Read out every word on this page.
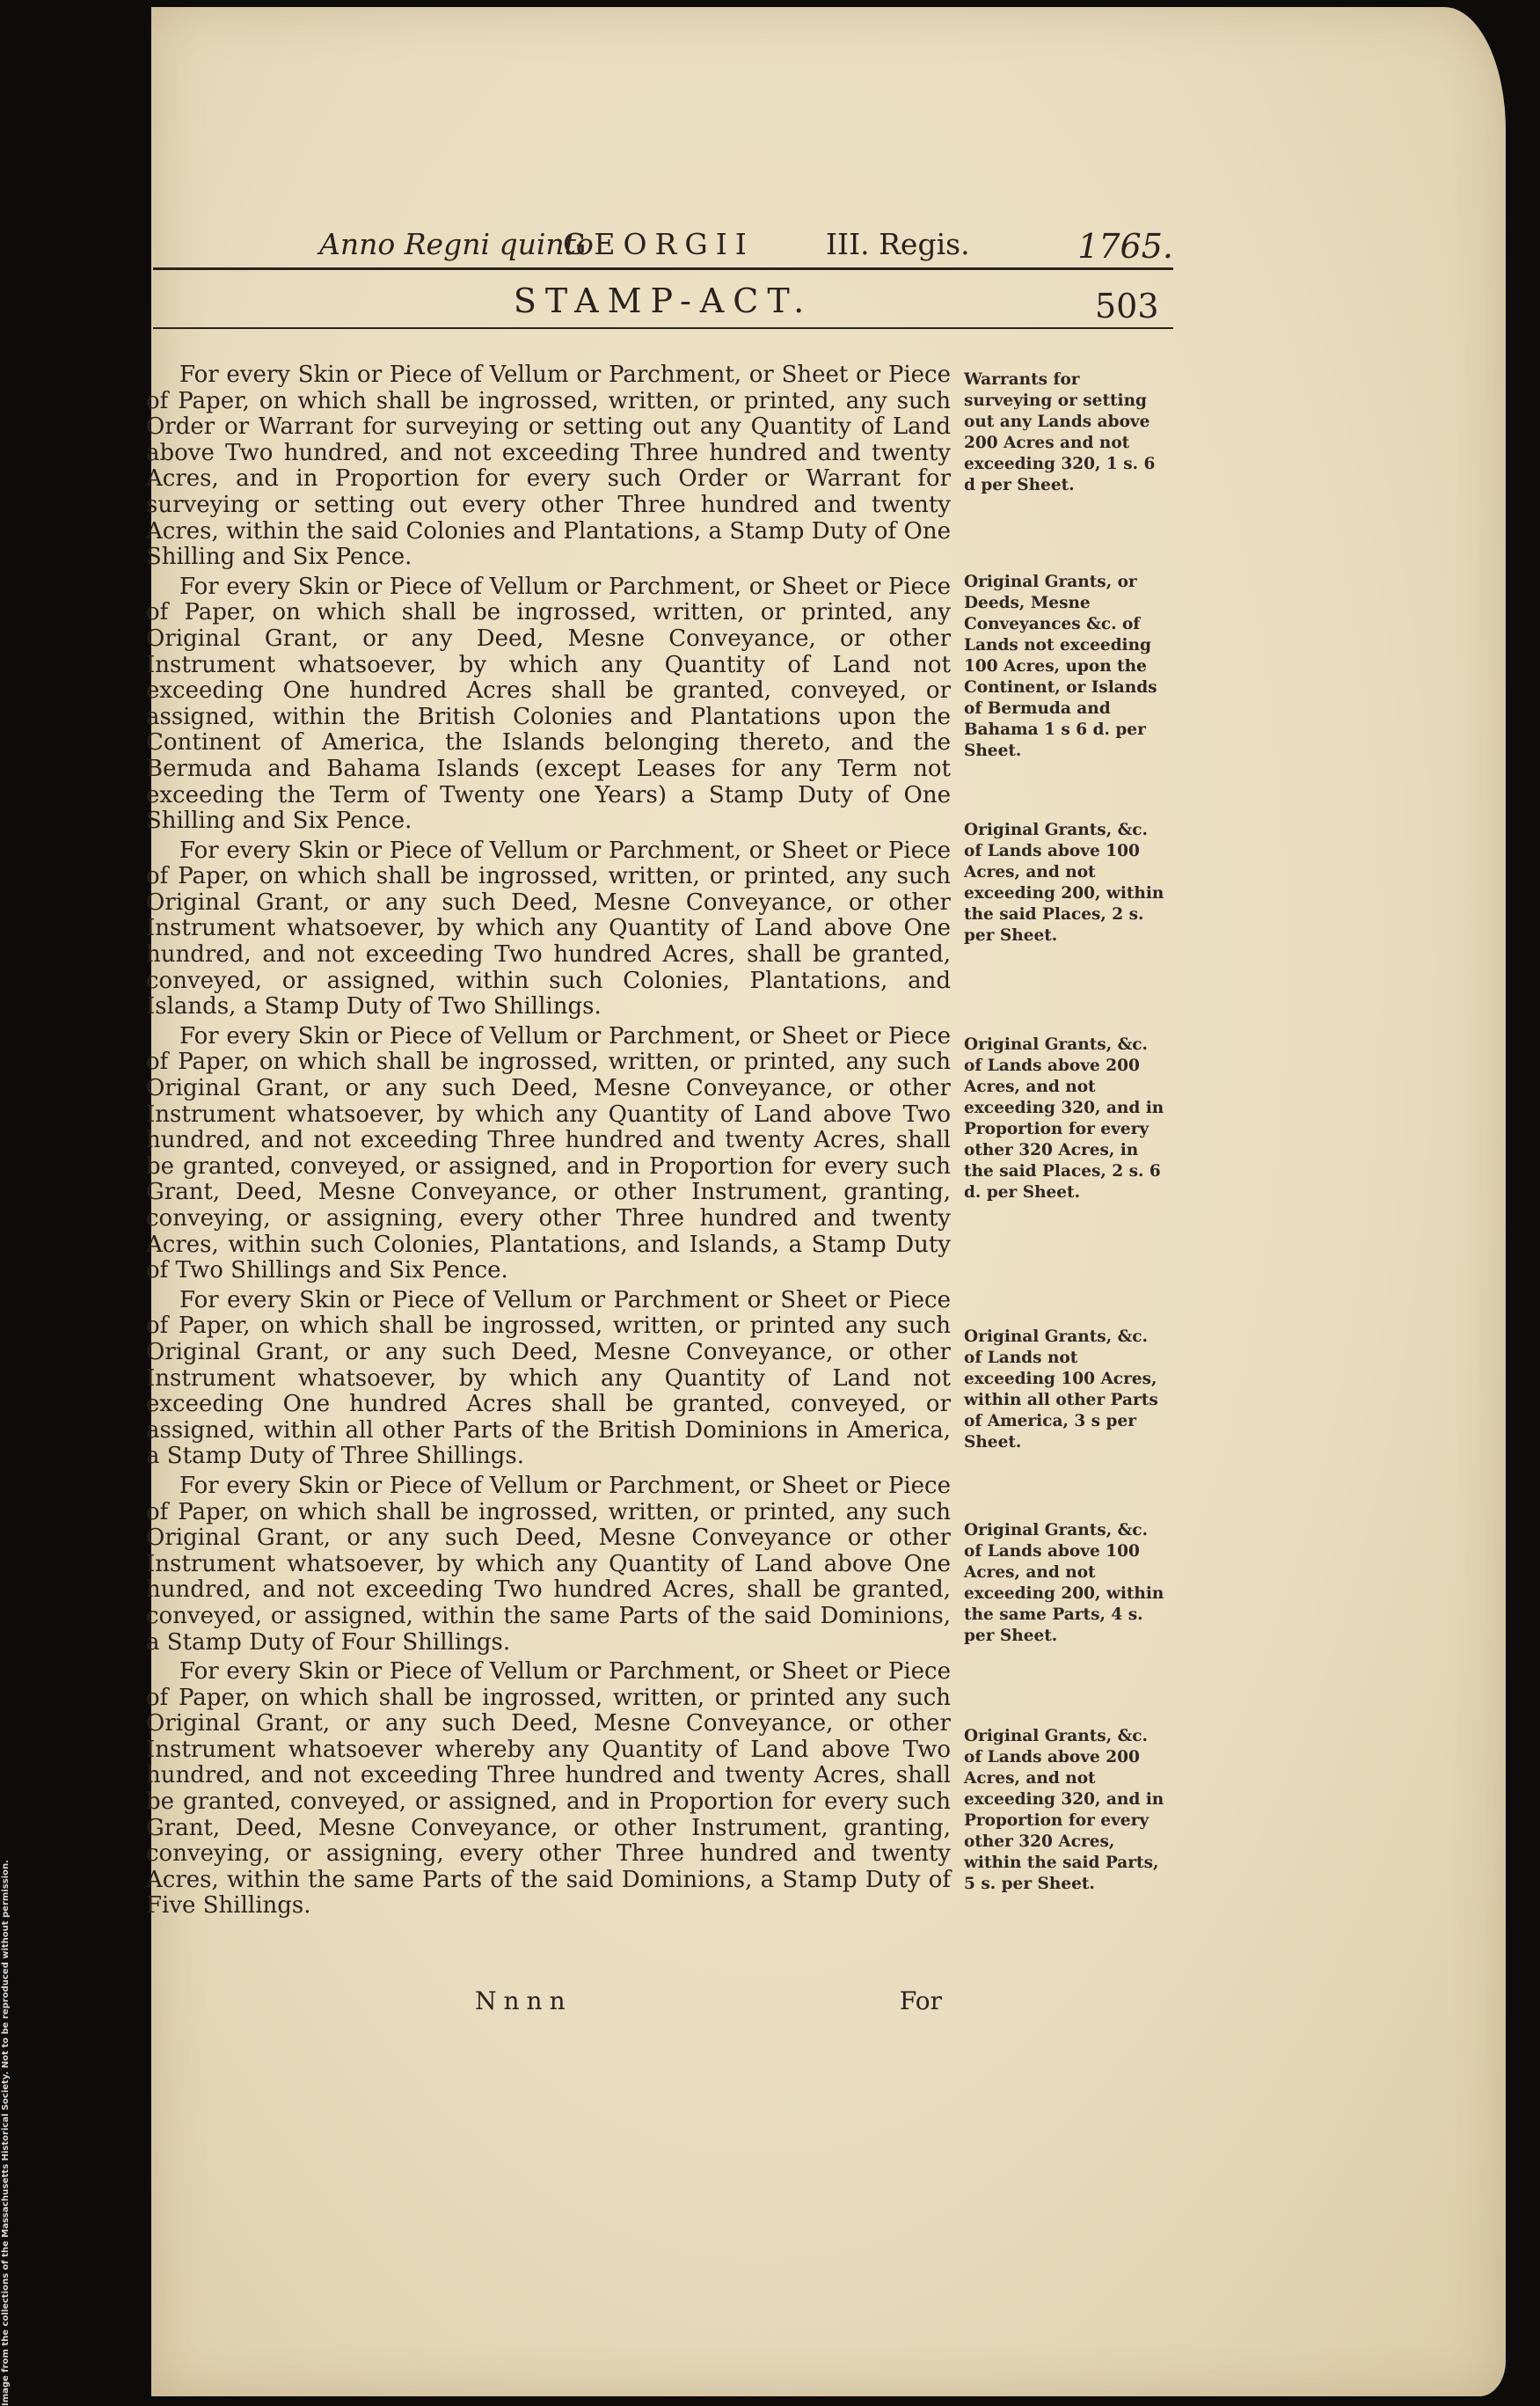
Image from the collections of the Massachusetts Historical Society. Not to be reproduced without permission.
Anno Regni quinto
GEORGII III. Regis.	1765.
STAMP-ACT.	503

For every Skin or Piece of Vellum or Parchment, or Sheet or Piece of Paper, on which shall be ingrossed, written, or printed, any such Order or Warrant for surveying or setting out any Quantity of Land above Two hundred, and not exceeding Three hundred and twenty Acres, and in Proportion for every such Order or Warrant for surveying or setting out every other Three hundred and twenty Acres, within the said Colonies and Plantations, a Stamp Duty of One Shilling and Six Pence.

For every Skin or Piece of Vellum or Parchment, or Sheet or Piece of Paper, on which shall be ingrossed, written, or printed, any Original Grant, or any Deed, Mesne Conveyance, or other Instrument whatsoever, by which any Quantity of Land not exceeding One hundred Acres shall be granted, conveyed, or assigned, within the British Colonies and Plantations upon the Continent of America, the Islands belonging thereto, and the Bermuda and Bahama Islands (except Leases for any Term not exceeding the Term of Twenty one Years) a Stamp Duty of One Shilling and Six Pence.

For every Skin or Piece of Vellum or Parchment, or Sheet or Piece of Paper, on which shall be ingrossed, written, or printed, any such Original Grant, or any such Deed, Mesne Conveyance, or other Instrument whatsoever, by which any Quantity of Land above One hundred, and not exceeding Two hundred Acres, shall be granted, conveyed, or assigned, within such Colonies, Plantations, and Islands, a Stamp Duty of Two Shillings.

For every Skin or Piece of Vellum or Parchment, or Sheet or Piece of Paper, on which shall be ingrossed, written, or printed, any such Original Grant, or any such Deed, Mesne Conveyance, or other Instrument whatsoever, by which any Quantity of Land above Two hundred, and not exceeding Three hundred and twenty Acres, shall be granted, conveyed, or assigned, and in Proportion for every such Grant, Deed, Mesne Conveyance, or other Instrument, granting, conveying, or assigning, every other Three hundred and twenty Acres, within such Colonies, Plantations, and Islands, a Stamp Duty of Two Shillings and Six Pence.

For every Skin or Piece of Vellum or Parchment or Sheet or Piece of Paper, on which shall be ingrossed, written, or printed any such Original Grant, or any such Deed, Mesne Conveyance, or other Instrument whatsoever, by which any Quantity of Land not exceeding One hundred Acres shall be granted, conveyed, or assigned, within all other Parts of the British Dominions in America, a Stamp Duty of Three Shillings.

For every Skin or Piece of Vellum or Parchment, or Sheet or Piece of Paper, on which shall be ingrossed, written, or printed, any such Original Grant, or any such Deed, Mesne Conveyance or other Instrument whatsoever, by which any Quantity of Land above One hundred, and not exceeding Two hundred Acres, shall be granted, conveyed, or assigned, within the same Parts of the said Dominions, a Stamp Duty of Four Shillings.

For every Skin or Piece of Vellum or Parchment, or Sheet or Piece of Paper, on which shall be ingrossed, written, or printed any such Original Grant, or any such Deed, Mesne Conveyance, or other Instrument whatsoever whereby any Quantity of Land above Two hundred, and not exceeding Three hundred and twenty Acres, shall be granted, conveyed, or assigned, and in Proportion for every such Grant, Deed, Mesne Conveyance, or other Instrument, granting, conveying, or assigning, every other Three hundred and twenty Acres, within the same Parts of the said Dominions, a Stamp Duty of Five Shillings.

Warrants for surveying or setting out any Lands above 200 Acres and not exceeding 320, 1 s. 6 d per Sheet.
Original Grants, or Deeds, Mesne Conveyances &c. of Lands not exceeding 100 Acres, upon the Continent, or Islands of Bermuda and Bahama 1 s 6 d. per Sheet.
Original Grants, &c. of Lands above 100 Acres, and not exceeding 200, within the said Places, 2 s. per Sheet.
Original Grants, &c. of Lands above 200 Acres, and not exceeding 320, and in Proportion for every other 320 Acres, in the said Places, 2 s. 6 d. per Sheet.
Original Grants, &c. of Lands not exceeding 100 Acres, within all other Parts of America, 3 s per Sheet.
Original Grants, &c. of Lands above 100 Acres, and not exceeding 200, within the same Parts, 4 s. per Sheet.
Original Grants, &c. of Lands above 200 Acres, and not exceeding 320, and in Proportion for every other 320 Acres, within the said Parts, 5 s. per Sheet.
Nnnn	For
